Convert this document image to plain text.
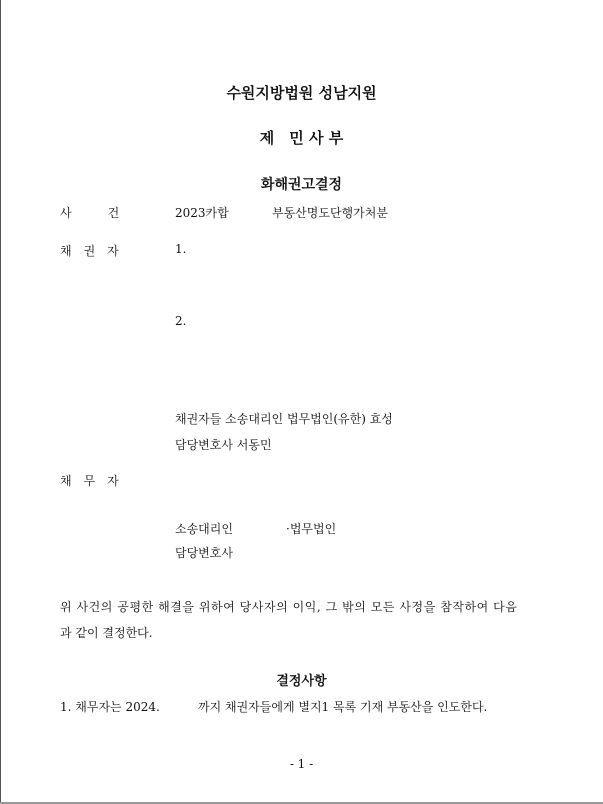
수원지방법원 성남지원
제　민 사 부
화해권고결정
사　　　건	2023카합	부동산명도단행가처분
채　권　자	1.
2.
채권자들 소송대리인 법무법인(유한) 효성
담당변호사 서동민
채　무　자
소송대리인	·법무법인
담당변호사
위 사건의 공평한 해결을 위하여 당사자의 이익, 그 밖의 모든 사정을 참작하여 다음
과 같이 결정한다.
결정사항
1. 채무자는 2024.	까지 채권자들에게 별지1 목록 기재 부동산을 인도한다.
- 1 -
